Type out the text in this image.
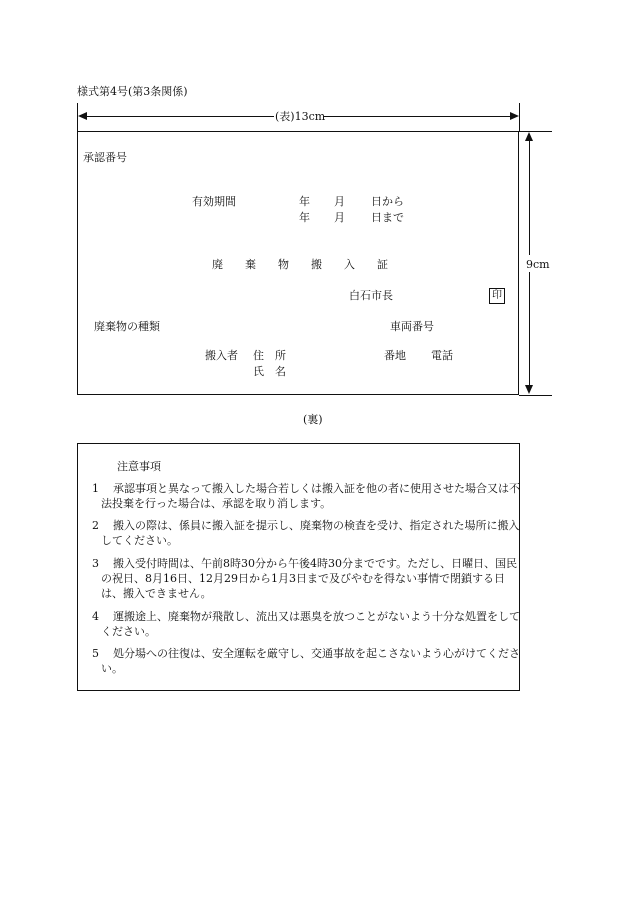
様式第4号(第3条関係)
(表)13cm
9cm
承認番号
有効期間	年 月 日から
年 月 日まで
廃 棄 物 搬 入 証
白石市長	印
廃棄物の種類	車両番号
搬入者 住　所
氏　名
番地 電話
(裏)
注意事項
1	承認事項と異なって搬入した場合若しくは搬入証を他の者に使用させた場合又は不法投棄を行った場合は、承認を取り消します。
2	搬入の際は、係員に搬入証を提示し、廃棄物の検査を受け、指定された場所に搬入してください。
3	搬入受付時間は、午前8時30分から午後4時30分までです。ただし、日曜日、国民の祝日、8月16日、12月29日から1月3日まで及びやむを得ない事情で閉鎖する日は、搬入できません。
4	運搬途上、廃棄物が飛散し、流出又は悪臭を放つことがないよう十分な処置をしてください。
5	処分場への往復は、安全運転を厳守し、交通事故を起こさないよう心がけてください。
